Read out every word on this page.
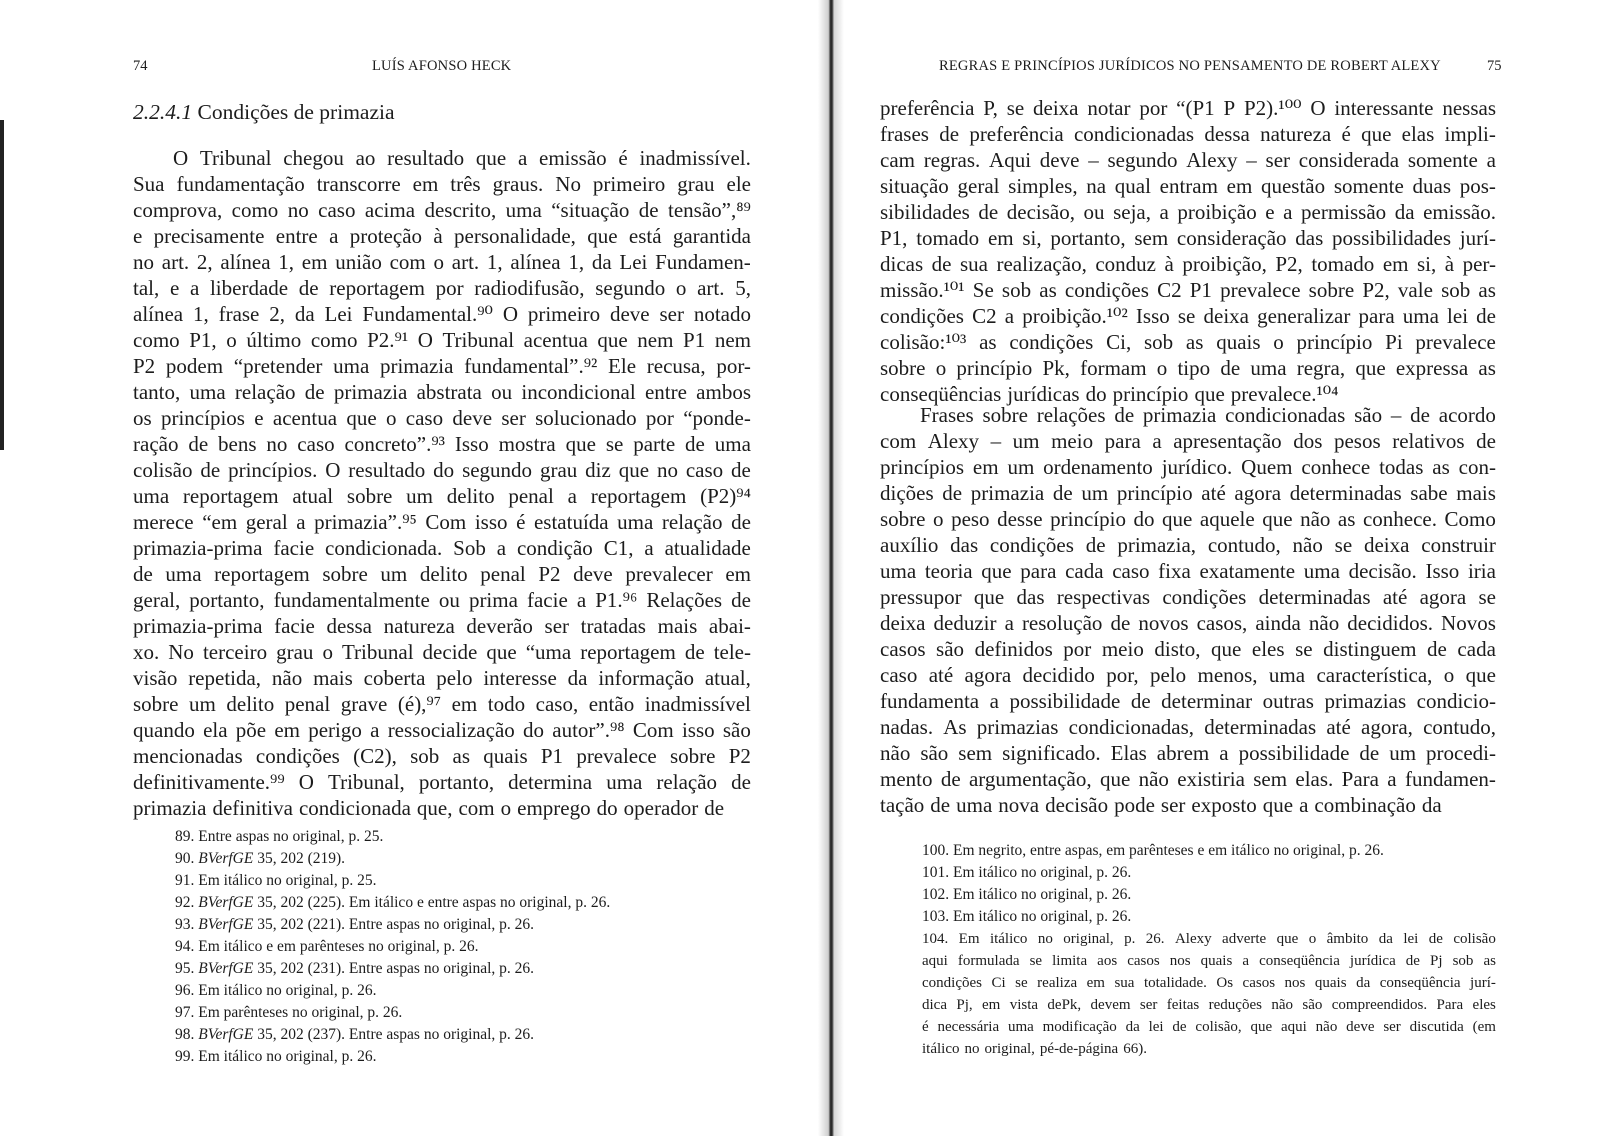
74	LUÍS AFONSO HECK
2.2.4.1 Condições de primazia
O Tribunal chegou ao resultado que a emissão é inadmissível.
Sua fundamentação transcorre em três graus. No primeiro grau ele
comprova, como no caso acima descrito, uma “situação de tensão”,⁸⁹
e precisamente entre a proteção à personalidade, que está garantida
no art. 2, alínea 1, em união com o art. 1, alínea 1, da Lei Fundamen-
tal, e a liberdade de reportagem por radiodifusão, segundo o art. 5,
alínea 1, frase 2, da Lei Fundamental.⁹⁰ O primeiro deve ser notado
como P1, o último como P2.⁹¹ O Tribunal acentua que nem P1 nem
P2 podem “pretender uma primazia fundamental”.⁹² Ele recusa, por-
tanto, uma relação de primazia abstrata ou incondicional entre ambos
os princípios e acentua que o caso deve ser solucionado por “ponde-
ração de bens no caso concreto”.⁹³ Isso mostra que se parte de uma
colisão de princípios. O resultado do segundo grau diz que no caso de
uma reportagem atual sobre um delito penal a reportagem (P2)⁹⁴
merece “em geral a primazia”.⁹⁵ Com isso é estatuída uma relação de
primazia-prima facie condicionada. Sob a condição C1, a atualidade
de uma reportagem sobre um delito penal P2 deve prevalecer em
geral, portanto, fundamentalmente ou prima facie a P1.⁹⁶ Relações de
primazia-prima facie dessa natureza deverão ser tratadas mais abai-
xo. No terceiro grau o Tribunal decide que “uma reportagem de tele-
visão repetida, não mais coberta pelo interesse da informação atual,
sobre um delito penal grave (é),⁹⁷ em todo caso, então inadmissível
quando ela põe em perigo a ressocialização do autor”.⁹⁸ Com isso são
mencionadas condições (C2), sob as quais P1 prevalece sobre P2
definitivamente.⁹⁹ O Tribunal, portanto, determina uma relação de
primazia definitiva condicionada que, com o emprego do operador de
89. Entre aspas no original, p. 25.
90. BVerfGE 35, 202 (219).
91. Em itálico no original, p. 25.
92. BVerfGE 35, 202 (225). Em itálico e entre aspas no original, p. 26.
93. BVerfGE 35, 202 (221). Entre aspas no original, p. 26.
94. Em itálico e em parênteses no original, p. 26.
95. BVerfGE 35, 202 (231). Entre aspas no original, p. 26.
96. Em itálico no original, p. 26.
97. Em parênteses no original, p. 26.
98. BVerfGE 35, 202 (237). Entre aspas no original, p. 26.
99. Em itálico no original, p. 26.
REGRAS E PRINCÍPIOS JURÍDICOS NO PENSAMENTO DE ROBERT ALEXY	75
preferência P, se deixa notar por “(P1 P P2).¹⁰⁰ O interessante nessas
frases de preferência condicionadas dessa natureza é que elas impli-
cam regras. Aqui deve – segundo Alexy – ser considerada somente a
situação geral simples, na qual entram em questão somente duas pos-
sibilidades de decisão, ou seja, a proibição e a permissão da emissão.
P1, tomado em si, portanto, sem consideração das possibilidades jurí-
dicas de sua realização, conduz à proibição, P2, tomado em si, à per-
missão.¹⁰¹ Se sob as condições C2 P1 prevalece sobre P2, vale sob as
condições C2 a proibição.¹⁰² Isso se deixa generalizar para uma lei de
colisão:¹⁰³ as condições Ci, sob as quais o princípio Pi prevalece
sobre o princípio Pk, formam o tipo de uma regra, que expressa as
conseqüências jurídicas do princípio que prevalece.¹⁰⁴
Frases sobre relações de primazia condicionadas são – de acordo
com Alexy – um meio para a apresentação dos pesos relativos de
princípios em um ordenamento jurídico. Quem conhece todas as con-
dições de primazia de um princípio até agora determinadas sabe mais
sobre o peso desse princípio do que aquele que não as conhece. Como
auxílio das condições de primazia, contudo, não se deixa construir
uma teoria que para cada caso fixa exatamente uma decisão. Isso iria
pressupor que das respectivas condições determinadas até agora se
deixa deduzir a resolução de novos casos, ainda não decididos. Novos
casos são definidos por meio disto, que eles se distinguem de cada
caso até agora decidido por, pelo menos, uma característica, o que
fundamenta a possibilidade de determinar outras primazias condicio-
nadas. As primazias condicionadas, determinadas até agora, contudo,
não são sem significado. Elas abrem a possibilidade de um procedi-
mento de argumentação, que não existiria sem elas. Para a fundamen-
tação de uma nova decisão pode ser exposto que a combinação da
100. Em negrito, entre aspas, em parênteses e em itálico no original, p. 26.
101. Em itálico no original, p. 26.
102. Em itálico no original, p. 26.
103. Em itálico no original, p. 26.
104. Em itálico no original, p. 26. Alexy adverte que o âmbito da lei de colisão
aqui formulada se limita aos casos nos quais a conseqüência jurídica de Pj sob as
condições Ci se realiza em sua totalidade. Os casos nos quais da conseqüência jurí-
dica Pj, em vista dePk, devem ser feitas reduções não são compreendidos. Para eles
é necessária uma modificação da lei de colisão, que aqui não deve ser discutida (em
itálico no original, pé-de-página 66).
